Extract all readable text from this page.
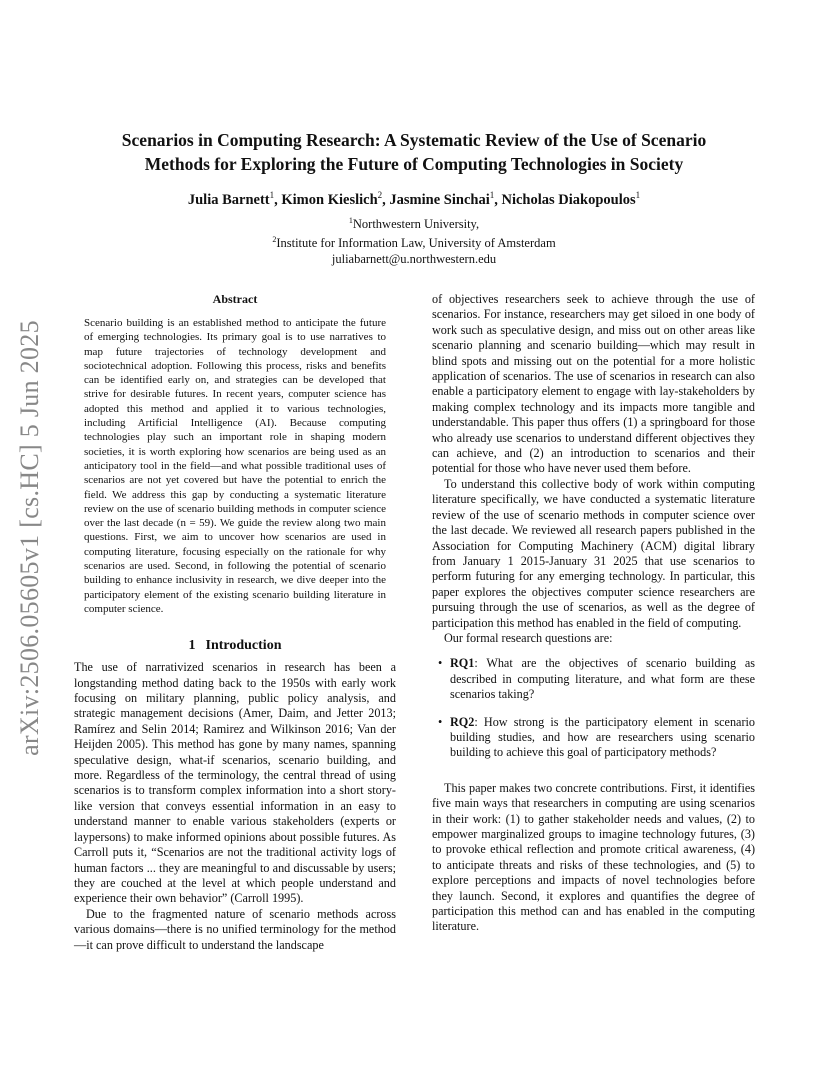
arXiv:2506.05605v1 [cs.HC] 5 Jun 2025
Scenarios in Computing Research: A Systematic Review of the Use of Scenario
Methods for Exploring the Future of Computing Technologies in Society
Julia Barnett$^1$, Kimon Kieslich$^2$, Jasmine Sinchai$^1$, Nicholas Diakopoulos$^1$
$^1$Northwestern University,
$^2$Institute for Information Law, University of Amsterdam
juliabarnett@u.northwestern.edu
Abstract

Scenario building is an established method to anticipate the future of emerging technologies. Its primary goal is to use narratives to map future trajectories of technology development and sociotechnical adoption. Following this process, risks and benefits can be identified early on, and strategies can be developed that strive for desirable futures. In recent years, computer science has adopted this method and applied it to various technologies, including Artificial Intelligence (AI). Because computing technologies play such an important role in shaping modern societies, it is worth exploring how scenarios are being used as an anticipatory tool in the field—and what possible traditional uses of scenarios are not yet covered but have the potential to enrich the field. We address this gap by conducting a systematic literature review on the use of scenario building methods in computer science over the last decade (n = 59). We guide the review along two main questions. First, we aim to uncover how scenarios are used in computing literature, focusing especially on the rationale for why scenarios are used. Second, in following the potential of scenario building to enhance inclusivity in research, we dive deeper into the participatory element of the existing scenario building literature in computer science.

1 Introduction

The use of narrativized scenarios in research has been a longstanding method dating back to the 1950s with early work focusing on military planning, public policy analysis, and strategic management decisions (Amer, Daim, and Jetter 2013; Ramírez and Selin 2014; Ramirez and Wilkinson 2016; Van der Heijden 2005). This method has gone by many names, spanning speculative design, what-if scenarios, scenario building, and more. Regardless of the terminology, the central thread of using scenarios is to transform complex information into a short story-like version that conveys essential information in an easy to understand manner to enable various stakeholders (experts or laypersons) to make informed opinions about possible futures. As Carroll puts it, “Scenarios are not the traditional activity logs of human factors ... they are meaningful to and discussable by users; they are couched at the level at which people understand and experience their own behavior” (Carroll 1995).

Due to the fragmented nature of scenario methods across various domains—there is no unified terminology for the method—it can prove difficult to understand the landscape

of objectives researchers seek to achieve through the use of scenarios. For instance, researchers may get siloed in one body of work such as speculative design, and miss out on other areas like scenario planning and scenario building—which may result in blind spots and missing out on the potential for a more holistic application of scenarios. The use of scenarios in research can also enable a participatory element to engage with lay-stakeholders by making complex technology and its impacts more tangible and understandable. This paper thus offers (1) a springboard for those who already use scenarios to understand different objectives they can achieve, and (2) an introduction to scenarios and their potential for those who have never used them before.

To understand this collective body of work within computing literature specifically, we have conducted a systematic literature review of the use of scenario methods in computer science over the last decade. We reviewed all research papers published in the Association for Computing Machinery (ACM) digital library from January 1 2015-January 31 2025 that use scenarios to perform futuring for any emerging technology. In particular, this paper explores the objectives computer science researchers are pursuing through the use of scenarios, as well as the degree of participation this method has enabled in the field of computing.

Our formal research questions are:

• RQ1: What are the objectives of scenario building as described in computing literature, and what form are these scenarios taking?
• RQ2: How strong is the participatory element in scenario building studies, and how are researchers using scenario building to achieve this goal of participatory methods?

This paper makes two concrete contributions. First, it identifies five main ways that researchers in computing are using scenarios in their work: (1) to gather stakeholder needs and values, (2) to empower marginalized groups to imagine technology futures, (3) to provoke ethical reflection and promote critical awareness, (4) to anticipate threats and risks of these technologies, and (5) to explore perceptions and impacts of novel technologies before they launch. Second, it explores and quantifies the degree of participation this method can and has enabled in the computing literature.
